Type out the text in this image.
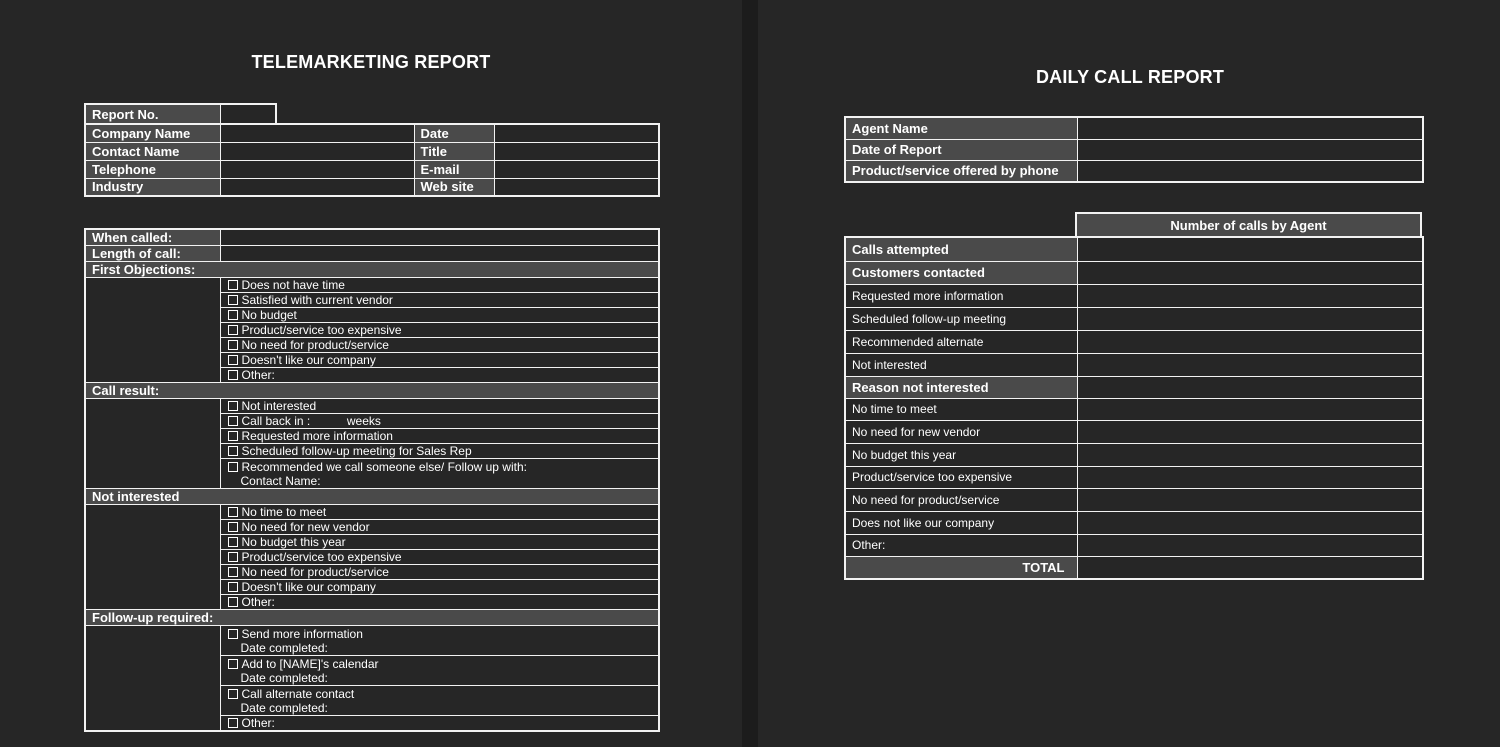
TELEMARKETING REPORT
Report No.	
Company Name		Date	
Contact Name		Title	
Telephone		E-mail	
Industry		Web site	
When called:	
Length of call:	
First Objections:	
	Does not have time
	Satisfied with current vendor
	No budget
	Product/service too expensive
	No need for product/service
	Doesn't like our company
	Other:
Call result:	
	Not interested
	Call back in :           weeks
	Requested more information
	Scheduled follow-up meeting for Sales Rep
	Recommended we call someone else/ Follow up with:
Contact Name:

Not interested	
	No time to meet
	No need for new vendor
	No budget this year
	Product/service too expensive
	No need for product/service
	Doesn't like our company
	Other:
Follow-up required:	
	Send more information
Date completed:

	Add to [NAME]'s calendar
Date completed:

	Call alternate contact
Date completed:

	Other:
DAILY CALL REPORT
Agent Name	
Date of Report	
Product/service offered by phone	
Number of calls by Agent
Calls attempted	
Customers contacted	
Requested more information	
Scheduled follow-up meeting	
Recommended alternate	
Not interested	
Reason not interested	
No time to meet	
No need for new vendor	
No budget this year	
Product/service too expensive	
No need for product/service	
Does not like our company	
Other:	
TOTAL	
